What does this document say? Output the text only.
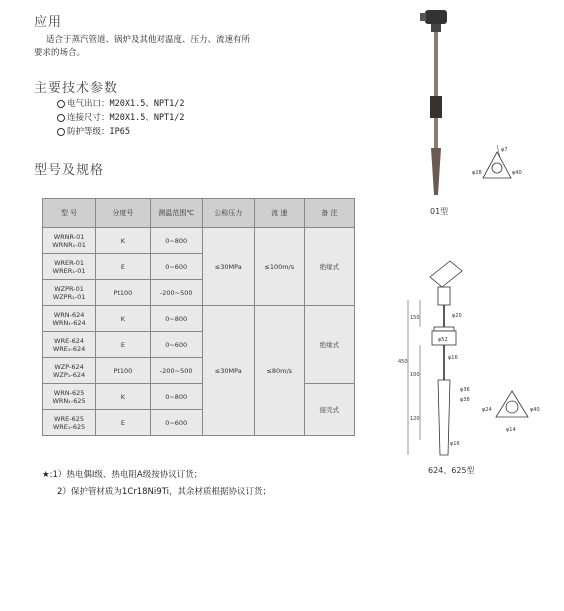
应用
适合于蒸汽管道、锅炉及其他对温度、压力、流速有所
要求的场合。
主要技术参数
电气出口：M20X1.5、NPT1/2
连接尺寸：M20X1.5、NPT1/2
防护等级：IP65
型号及规格
型 号	分度号	测温范围℃	公称压力	流 速	备 注

WRNR-01
WRNR₁-01	K	0~800	≤30MPa	≤100m/s	绝缘式

WRER-01
WRER₁-01	E	0~600			

WZPR-01
WZPR₁-01	Pt100	-200~500			

WRN-624
WRN₁-624	K	0~800	≤30MPa	≤80m/s	绝缘式

WRE-624
WRE₁-624	E	0~600			

WZP-624
WZP₁-624	Pt100	-200~500			

WRN-625
WRN₁-625	K	0~800			接壳式

WRE-625
WRE₁-625	E	0~600			
★:1）热电偶Ⅰ级、热电阻A级按协议订货；
2）保护管材质为1Cr18Ni9Ti，其余材质根据协议订货；
φ7
φ28	φ40
01型
150
450
100
120
φ20
φ52
φ16
φ36
φ38
φ16
φ24	φ40
φ14
624、625型
